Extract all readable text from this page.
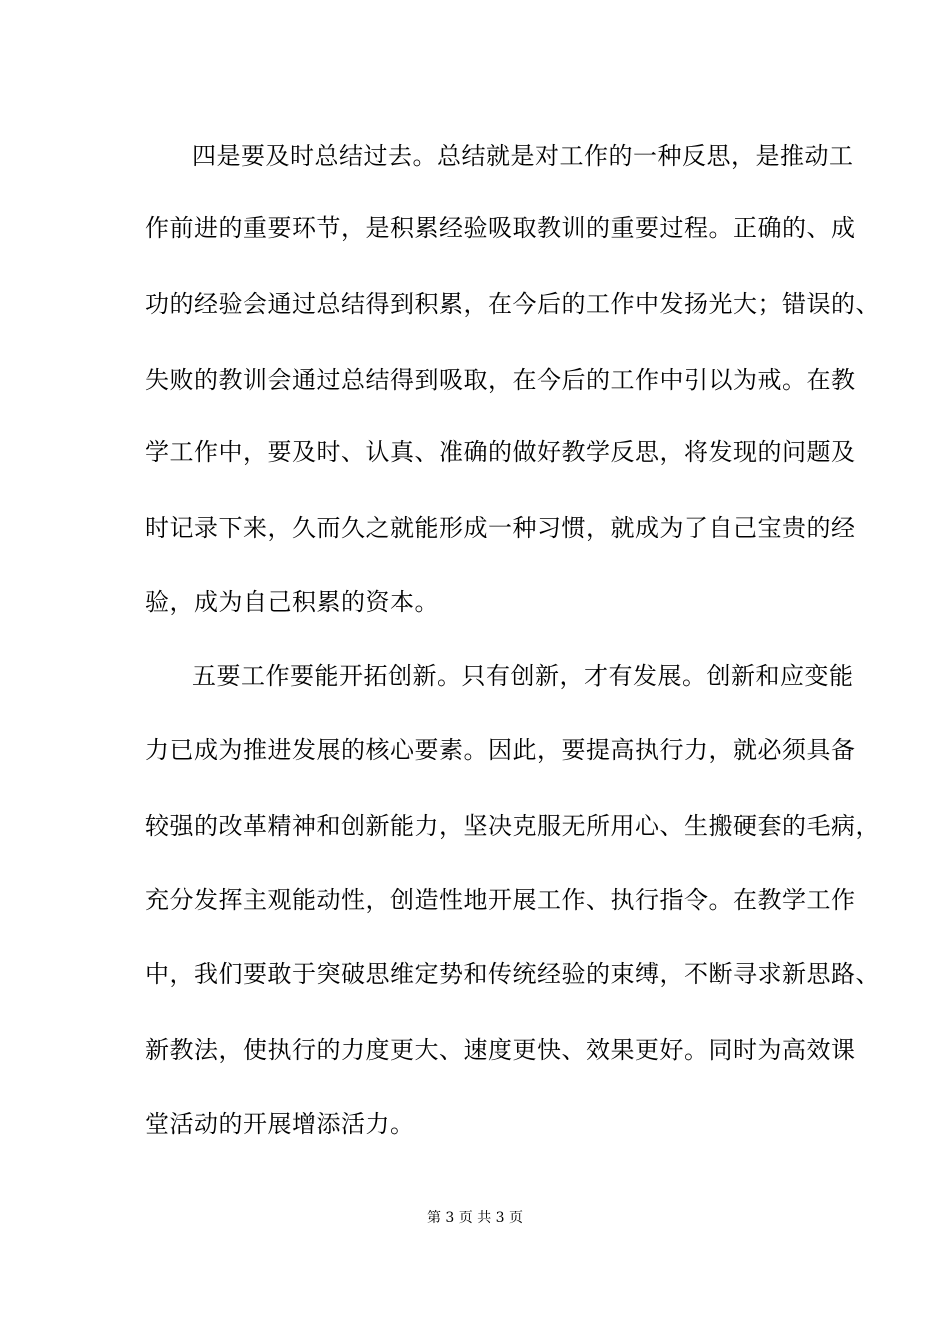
四是要及时总结过去。总结就是对工作的一种反思，是推动工
作前进的重要环节，是积累经验吸取教训的重要过程。正确的、成
功的经验会通过总结得到积累，在今后的工作中发扬光大；错误的、
失败的教训会通过总结得到吸取，在今后的工作中引以为戒。在教
学工作中，要及时、认真、准确的做好教学反思，将发现的问题及
时记录下来，久而久之就能形成一种习惯，就成为了自己宝贵的经
验，成为自己积累的资本。
五要工作要能开拓创新。只有创新，才有发展。创新和应变能
力已成为推进发展的核心要素。因此，要提高执行力，就必须具备
较强的改革精神和创新能力，坚决克服无所用心、生搬硬套的毛病，
充分发挥主观能动性，创造性地开展工作、执行指令。在教学工作
中，我们要敢于突破思维定势和传统经验的束缚，不断寻求新思路、
新教法，使执行的力度更大、速度更快、效果更好。同时为高效课
堂活动的开展增添活力。
第 3 页 共 3 页
